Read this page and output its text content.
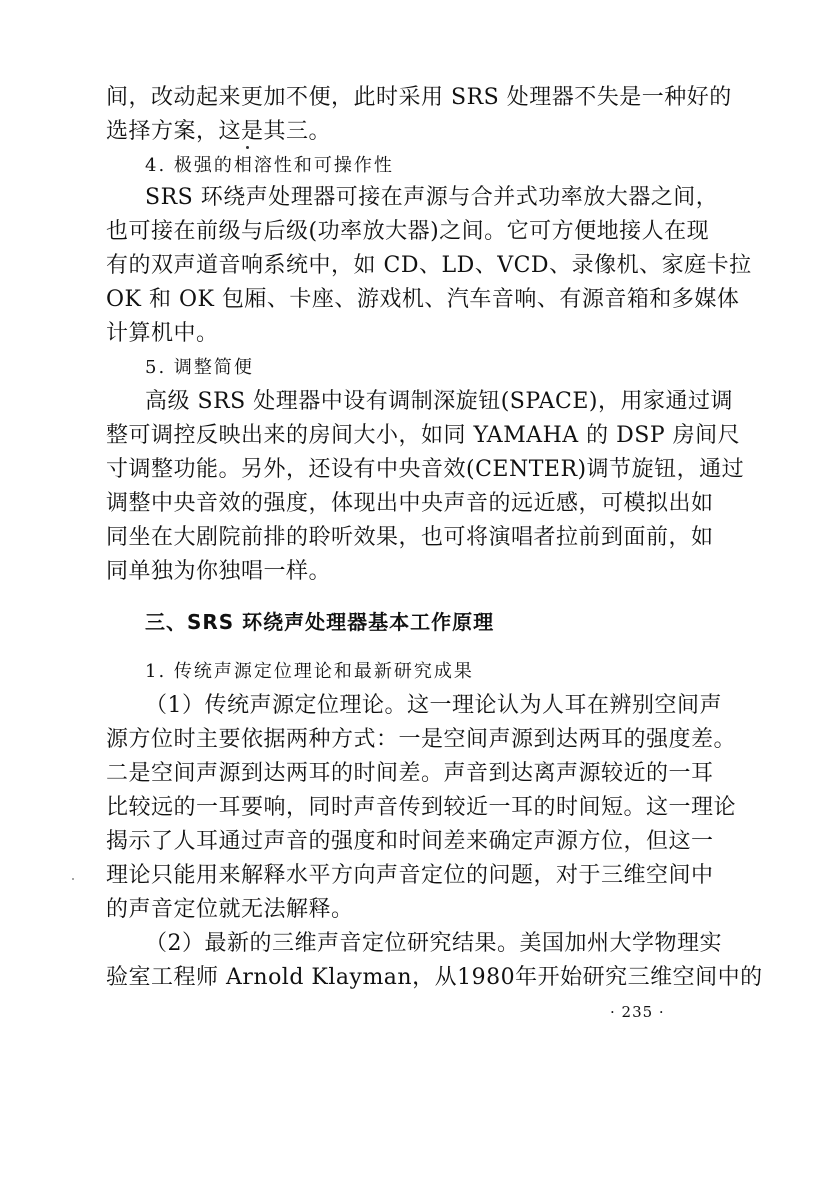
间，改动起来更加不便，此时采用 SRS 处理器不失是一种好的

选择方案，这是其三。

4. 极强的相溶性和可操作性

SRS 环绕声处理器可接在声源与合并式功率放大器之间，

也可接在前级与后级(功率放大器)之间。它可方便地接人在现

有的双声道音响系统中，如 CD、LD、VCD、录像机、家庭卡拉

OK 和 OK 包厢、卡座、游戏机、汽车音响、有源音箱和多媒体

计算机中。

5. 调整简便

高级 SRS 处理器中设有调制深旋钮(SPACE)，用家通过调

整可调控反映出来的房间大小，如同 YAMAHA 的 DSP 房间尺

寸调整功能。另外，还设有中央音效(CENTER)调节旋钮，通过

调整中央音效的强度，体现出中央声音的远近感，可模拟出如

同坐在大剧院前排的聆听效果，也可将演唱者拉前到面前，如

同单独为你独唱一样。

三、SRS 环绕声处理器基本工作原理

1. 传统声源定位理论和最新研究成果

（1）传统声源定位理论。这一理论认为人耳在辨别空间声

源方位时主要依据两种方式：一是空间声源到达两耳的强度差。

二是空间声源到达两耳的时间差。声音到达离声源较近的一耳

比较远的一耳要响，同时声音传到较近一耳的时间短。这一理论

揭示了人耳通过声音的强度和时间差来确定声源方位，但这一

理论只能用来解释水平方向声音定位的问题，对于三维空间中

的声音定位就无法解释。

（2）最新的三维声音定位研究结果。美国加州大学物理实

验室工程师 Arnold Klayman，从1980年开始研究三维空间中的

· 235 ·
